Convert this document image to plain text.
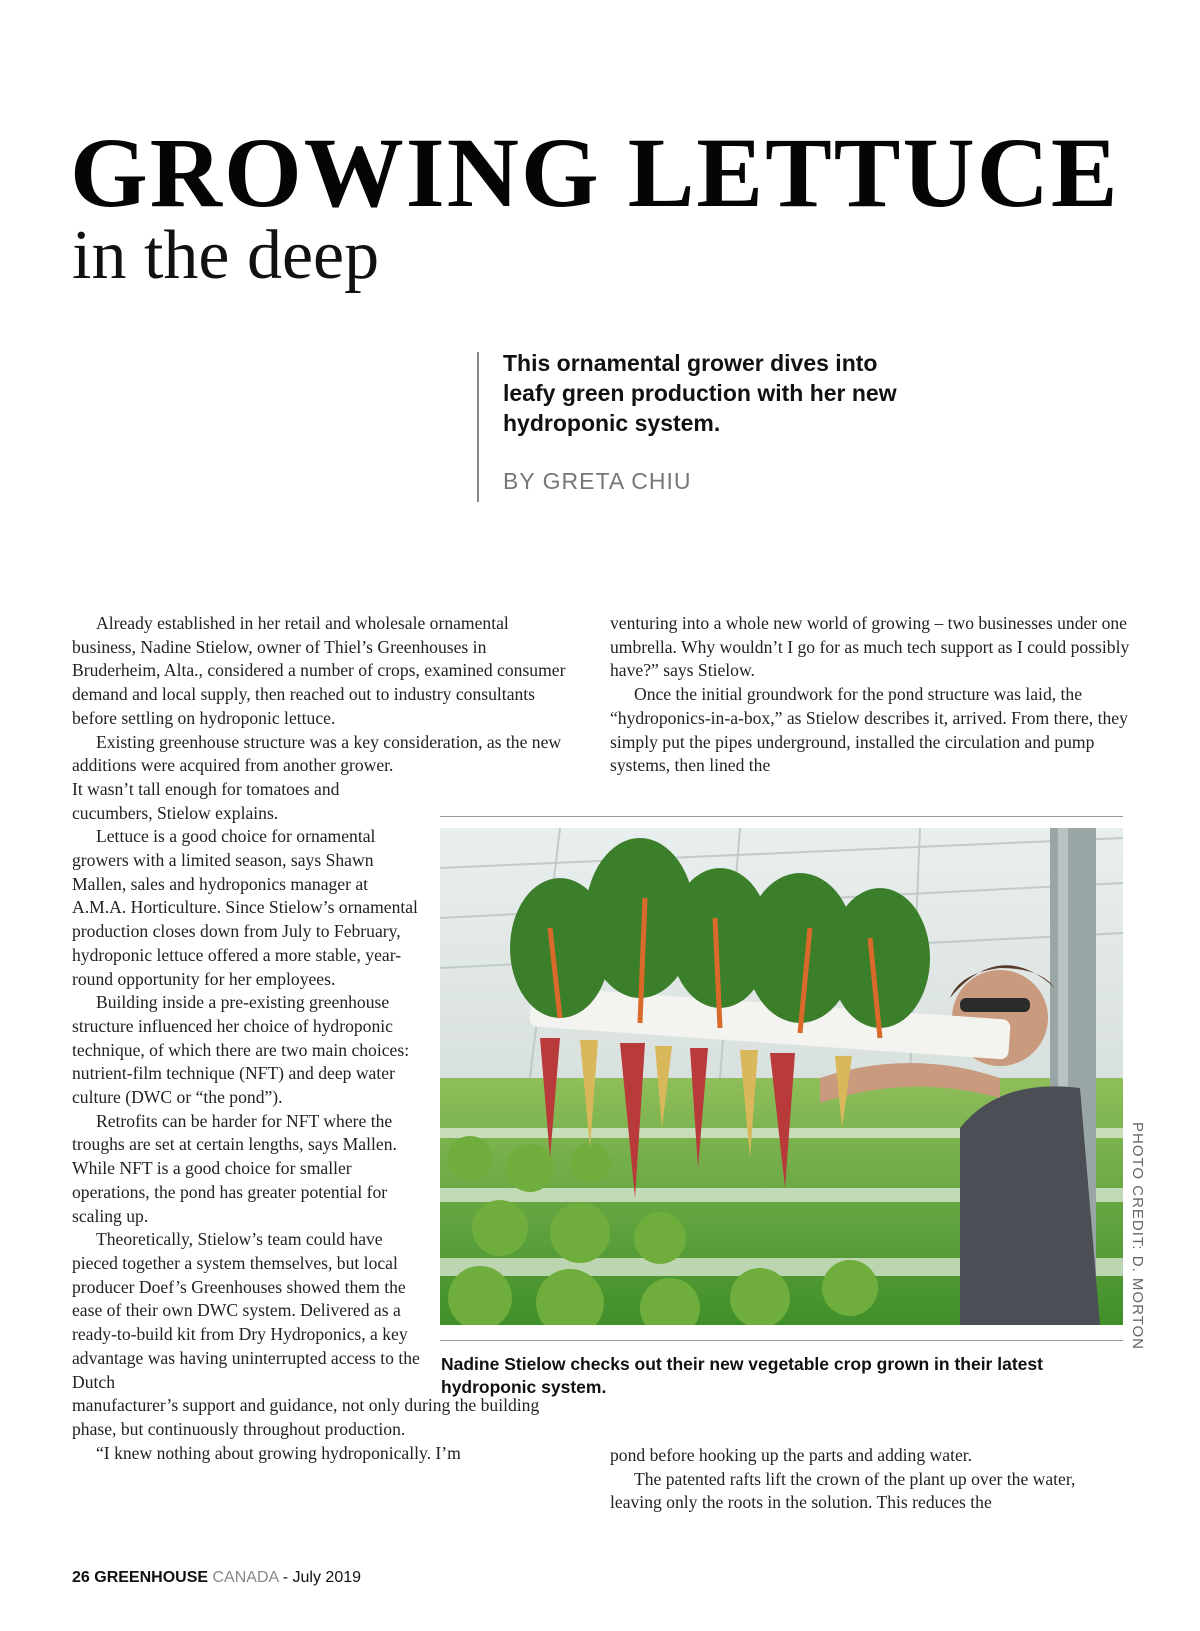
GROWING LETTUCE
in the deep
This ornamental grower dives into leafy green production with her new hydroponic system.
BY GRETA CHIU

Already established in her retail and wholesale ornamental business, Nadine Stielow, owner of Thiel’s Greenhouses in Bruderheim, Alta., considered a number of crops, examined consumer demand and local supply, then reached out to industry consultants before settling on hydroponic lettuce.

Existing greenhouse structure was a key consideration, as the new additions were acquired from another grower.

It wasn’t tall enough for tomatoes and cucumbers, Stielow explains.

Lettuce is a good choice for ornamental growers with a limited season, says Shawn Mallen, sales and hydroponics manager at A.M.A. Horticulture. Since Stielow’s ornamental production closes down from July to February, hydroponic lettuce offered a more stable, year-round opportunity for her employees.

Building inside a pre-existing greenhouse structure influenced her choice of hydroponic technique, of which there are two main choices: nutrient-film technique (NFT) and deep water culture (DWC or “the pond”).

Retrofits can be harder for NFT where the troughs are set at certain lengths, says Mallen. While NFT is a good choice for smaller operations, the pond has greater potential for scaling up.

Theoretically, Stielow’s team could have pieced together a system themselves, but local producer Doef’s Greenhouses showed them the ease of their own DWC system. Delivered as a ready-to-build kit from Dry Hydroponics, a key advantage was having uninterrupted access to the Dutch

manufacturer’s support and guidance, not only during the building phase, but continuously throughout production.

“I knew nothing about growing hydroponically. I’m

venturing into a whole new world of growing – two businesses under one umbrella. Why wouldn’t I go for as much tech support as I could possibly have?” says Stielow.

Once the initial groundwork for the pond structure was laid, the “hydroponics-in-a-box,” as Stielow describes it, arrived. From there, they simply put the pipes underground, installed the circulation and pump systems, then lined the

PHOTO CREDIT: D. MORTON
Nadine Stielow checks out their new vegetable crop grown in their latest hydroponic system.
pond before hooking up the parts and adding water.

The patented rafts lift the crown of the plant up over the water, leaving only the roots in the solution. This reduces the

26 GREENHOUSE CANADA - July 2019
